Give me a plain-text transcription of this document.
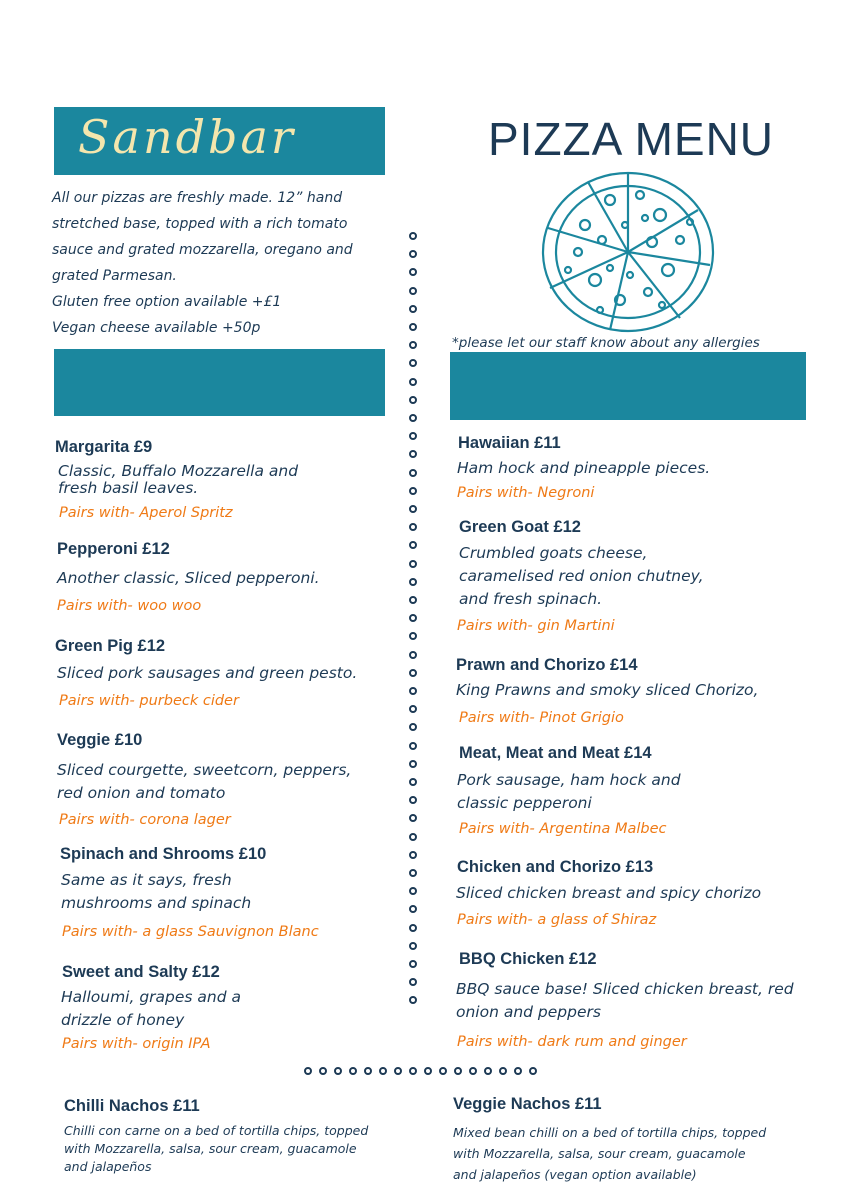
Sandbar	PIZZA MENU
All our pizzas are freshly made. 12” hand
stretched base, topped with a rich tomato
sauce and grated mozzarella, oregano and
grated Parmesan.
Gluten free option available +£1
Vegan cheese available +50p
*please let our staff know about any allergies
Margarita £9
Classic, Buffalo Mozzarella and
fresh basil leaves.
Pairs with- Aperol Spritz
Pepperoni £12
Another classic, Sliced pepperoni.
Pairs with- woo woo
Green Pig £12
Sliced pork sausages and green pesto.
Pairs with- purbeck cider
Veggie £10
Sliced courgette, sweetcorn, peppers,
red onion and tomato
Pairs with- corona lager
Spinach and Shrooms £10
Same as it says, fresh
mushrooms and spinach
Pairs with- a glass Sauvignon Blanc
Sweet and Salty £12
Halloumi, grapes and a
drizzle of honey
Pairs with- origin IPA
Hawaiian £11
Ham hock and pineapple pieces.
Pairs with- Negroni
Green Goat £12
Crumbled goats cheese,
caramelised red onion chutney,
and fresh spinach.
Pairs with- gin Martini
Prawn and Chorizo £14
King Prawns and smoky sliced Chorizo,
Pairs with- Pinot Grigio
Meat, Meat and Meat £14
Pork sausage, ham hock and
classic pepperoni
Pairs with- Argentina Malbec
Chicken and Chorizo £13
Sliced chicken breast and spicy chorizo
Pairs with- a glass of Shiraz
BBQ Chicken £12
BBQ sauce base! Sliced chicken breast, red
onion and peppers
Pairs with- dark rum and ginger
Chilli Nachos £11
Chilli con carne on a bed of tortilla chips, topped
with Mozzarella, salsa, sour cream, guacamole
and jalapeños
Veggie Nachos £11
Mixed bean chilli on a bed of tortilla chips, topped
with Mozzarella, salsa, sour cream, guacamole
and jalapeños (vegan option available)
